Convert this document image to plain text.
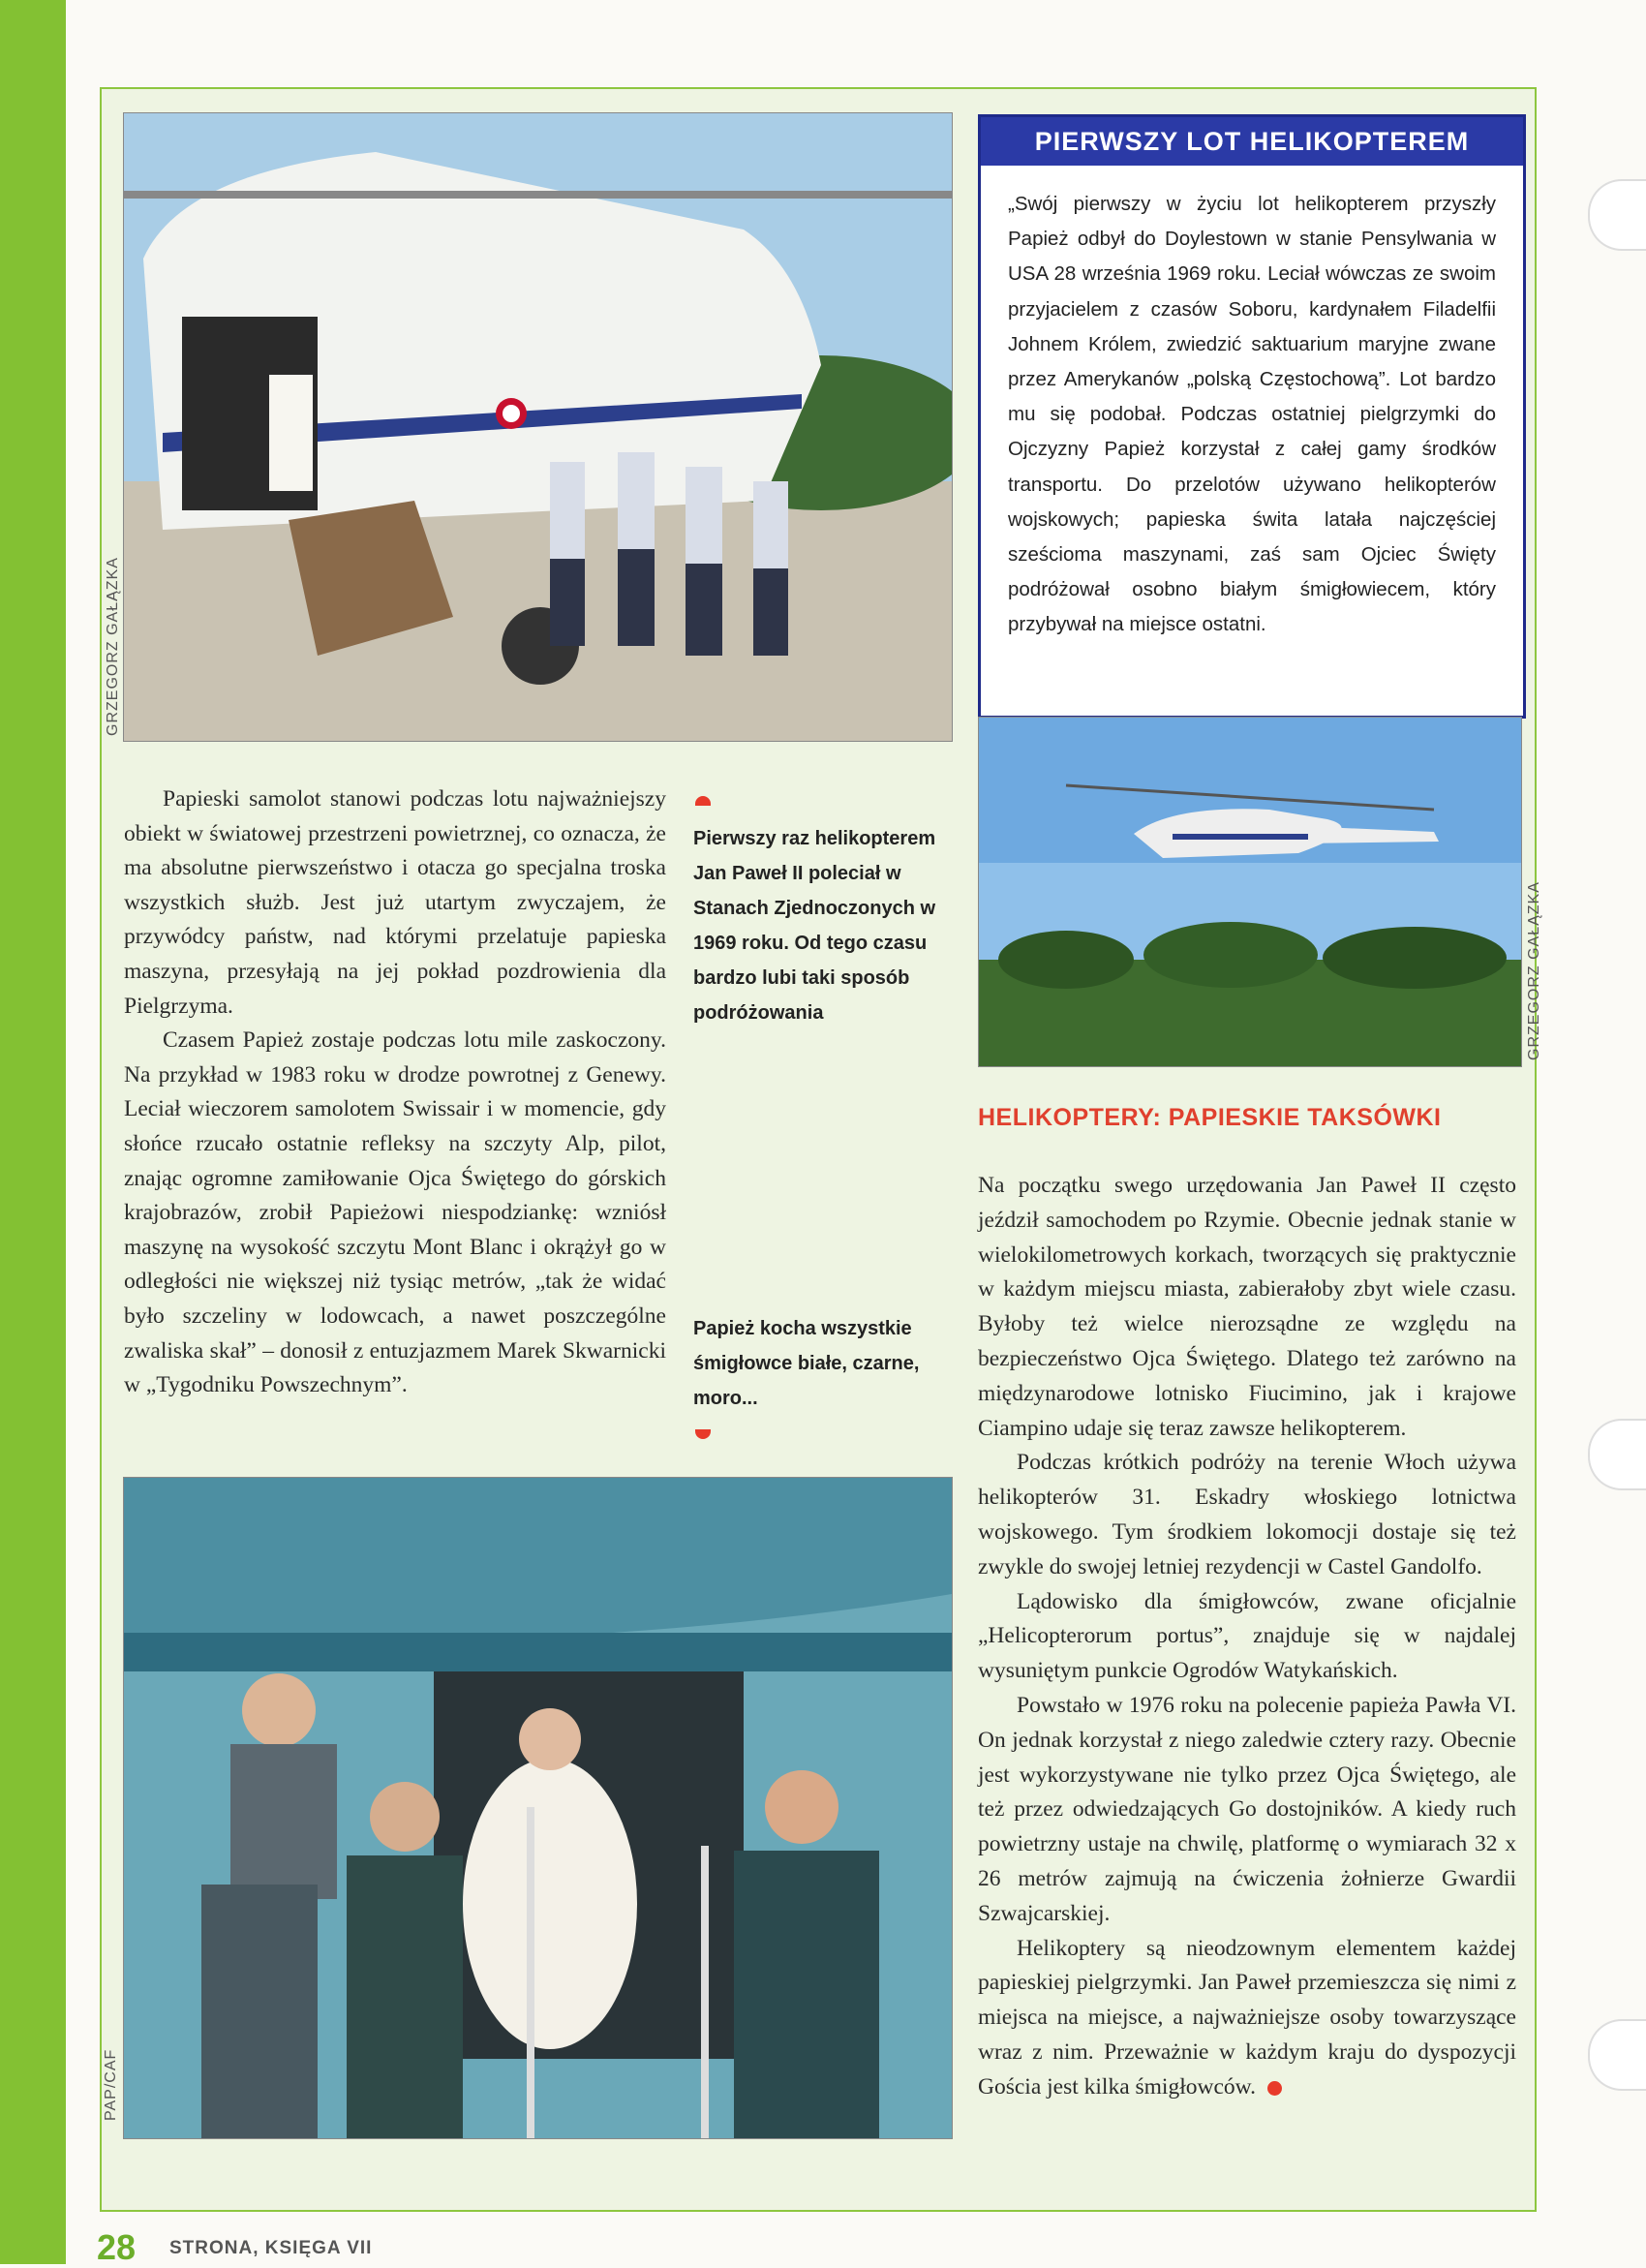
GRZEGORZ GAŁĄZKA
PIERWSZY LOT HELIKOPTEREM
„Swój pierwszy w życiu lot helikopterem przyszły Papież odbył do Doylestown w stanie Pensylwania w USA 28 września 1969 roku. Leciał wówczas ze swoim przyjacielem z czasów Soboru, kardynałem Filadelfii Johnem Królem, zwiedzić saktuarium maryjne zwane przez Amerykanów „polską Częstochową”. Lot bardzo mu się podobał. Podczas ostatniej pielgrzymki do Ojczyzny Papież korzystał z całej gamy środków transportu. Do przelotów używano helikopterów wojskowych; papieska świta latała najczęściej sześcioma maszynami, zaś sam Ojciec Święty podróżował osobno białym śmigłowiecem, który przybywał na miejsce ostatni.
GRZEGORZ GAŁĄZKA

Papieski samolot stanowi podczas lotu najważniejszy obiekt w światowej przestrzeni powietrznej, co oznacza, że ma absolutne pierwszeństwo i otacza go specjalna troska wszystkich służb. Jest już utartym zwyczajem, że przywódcy państw, nad którymi przelatuje papieska maszyna, przesyłają na jej pokład pozdrowienia dla Pielgrzyma.

Czasem Papież zostaje podczas lotu mile zaskoczony. Na przykład w 1983 roku w drodze powrotnej z Genewy. Leciał wieczorem samolotem Swissair i w momencie, gdy słońce rzucało ostatnie refleksy na szczyty Alp, pilot, znając ogromne zamiłowanie Ojca Świętego do górskich krajobrazów, zrobił Papieżowi niespodziankę: wzniósł maszynę na wysokość szczytu Mont Blanc i okrążył go w odległości nie większej niż tysiąc metrów, „tak że widać było szczeliny w lodowcach, a nawet poszczególne zwaliska skał” – donosił z entuzjazmem Marek Skwarnicki w „Tygodniku Powszechnym”.

Pierwszy raz helikopterem Jan Paweł II poleciał w Stanach Zjednoczonych w 1969 roku. Od tego czasu bardzo lubi taki sposób podróżowania
Papież kocha wszystkie śmigłowce białe, czarne, moro...
HELIKOPTERY: PAPIESKIE TAKSÓWKI

Na początku swego urzędowania Jan Paweł II często jeździł samochodem po Rzymie. Obecnie jednak stanie w wielokilometrowych korkach, tworzących się praktycznie w każdym miejscu miasta, zabierałoby zbyt wiele czasu. Byłoby też wielce nierozsądne ze względu na bezpieczeństwo Ojca Świętego. Dlatego też zarówno na międzynarodowe lotnisko Fiucimino, jak i krajowe Ciampino udaje się teraz zawsze helikopterem.

Podczas krótkich podróży na terenie Włoch używa helikopterów 31. Eskadry włoskiego lotnictwa wojskowego. Tym środkiem lokomocji dostaje się też zwykle do swojej letniej rezydencji w Castel Gandolfo.

Lądowisko dla śmigłowców, zwane oficjalnie „Helicopterorum portus”, znajduje się w najdalej wysuniętym punkcie Ogrodów Watykańskich.

Powstało w 1976 roku na polecenie papieża Pawła VI. On jednak korzystał z niego zaledwie cztery razy. Obecnie jest wykorzystywane nie tylko przez Ojca Świętego, ale też przez odwiedzających Go dostojników. A kiedy ruch powietrzny ustaje na chwilę, platformę o wymiarach 32 x 26 metrów zajmują na ćwiczenia żołnierze Gwardii Szwajcarskiej.

Helikoptery są nieodzownym elementem każdej papieskiej pielgrzymki. Jan Paweł przemieszcza się nimi z miejsca na miejsce, a najważniejsze osoby towarzyszące wraz z nim. Przeważnie w każdym kraju do dyspozycji Gościa jest kilka śmigłowców.

PAP/CAF
28 STRONA, KSIĘGA VII
